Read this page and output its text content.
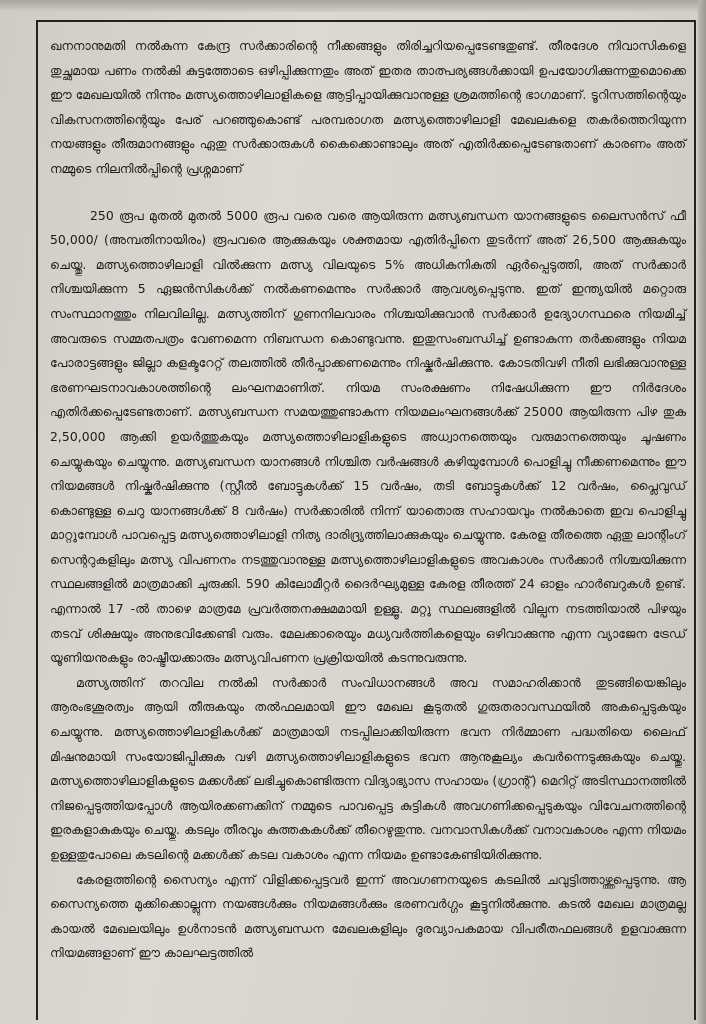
ഖനനാനുമതി നൽകുന്ന കേന്ദ്ര സർക്കാരിന്റെ നീക്കങ്ങളും തിരിച്ചറിയപ്പെടേണ്ടതുണ്ട്. തീരദേശ നിവാസികളെ തുച്ഛമായ പണം നൽകി കുട്ടത്തോടെ ഒഴിപ്പിക്കുന്നതും അത് ഇതര താത്പര്യങ്ങൾക്കായി ഉപയോഗിക്കുന്നതുമൊക്കെ ഈ മേഖലയിൽ നിന്നും മത്സ്യത്തൊഴിലാളികളെ ആട്ടിപ്പായിക്കുവാനുള്ള ശ്രമത്തിന്റെ ഭാഗമാണ്. ടൂറിസത്തിന്റെയും വികസനത്തിന്റെയും പേര് പറഞ്ഞുകൊണ്ട് പരമ്പരാഗത മത്സ്യത്തൊഴിലാളി മേഖലകളെ തകർത്തെറിയുന്ന നയങ്ങളും തീരുമാനങ്ങളും ഏതു സർക്കാരുകൾ കൈക്കൊണ്ടാലും അത് എതിർക്കപ്പെടേണ്ടതാണ് കാരണം അത് നമ്മുടെ നിലനിൽപ്പിന്റെ പ്രശ്നമാണ്

250 രൂപ മുതൽ മുതൽ 5000 രൂപ വരെ വരെ ആയിരുന്ന മത്സ്യബന്ധന യാനങ്ങളുടെ ലൈസൻസ് ഫീ 50,000/ (അമ്പതിനായിരം) രൂപവരെ ആക്കുകയും ശക്തമായ എതിർപ്പിനെ തുടർന്ന് അത് 26,500 ആക്കുകയും ചെയ്തു. മത്സ്യത്തൊഴിലാളി വിൽക്കുന്ന മത്സ്യ വിലയുടെ 5% അധികനികുതി ഏർപ്പെടുത്തി, അത് സർക്കാർ നിശ്ചയിക്കുന്ന 5 ഏജൻസികൾക്ക് നൽകണമെന്നും സർക്കാർ ആവശ്യപ്പെടുന്നു. ഇത് ഇന്ത്യയിൽ മറ്റൊരു സംസ്ഥാനത്തും നിലവിലില്ല. മത്സ്യത്തിന് ഗുണനിലവാരം നിശ്ചയിക്കുവാൻ സർക്കാർ ഉദ്യോഗസ്ഥരെ നിയമിച്ച് അവരുടെ സമ്മതപത്രം വേണമെന്ന നിബന്ധന കൊണ്ടുവന്നു. ഇതുസംബന്ധിച്ച് ഉണ്ടാകുന്ന തർക്കങ്ങളും നിയമ പോരാട്ടങ്ങളും ജില്ലാ കളക്ടറേറ്റ് തലത്തിൽ തീർപ്പാക്കണമെന്നും നിഷ്കർഷിക്കുന്നു. കോടതിവഴി നീതി ലഭിക്കുവാനുള്ള ഭരണഘടനാവകാശത്തിന്റെ ലംഘനമാണിത്. നിയമ സംരക്ഷണം നിഷേധിക്കുന്ന ഈ നിർദേശം എതിർക്കപ്പെടേണ്ടതാണ്. മത്സ്യബന്ധന സമയത്തുണ്ടാകുന്ന നിയമലംഘനങ്ങൾക്ക് 25000 ആയിരുന്ന പിഴ തുക 2,50,000 ആക്കി ഉയർത്തുകയും മത്സ്യത്തൊഴിലാളികളുടെ അധ്വാനത്തെയും വരുമാനത്തെയും ചൂഷണം ചെയ്യുകയും ചെയ്യുന്നു. മത്സ്യബന്ധന യാനങ്ങൾ നിശ്ചിത വർഷങ്ങൾ കഴിയുമ്പോൾ പൊളിച്ചു നീക്കണമെന്നും ഈ നിയമങ്ങൾ നിഷ്കർഷിക്കുന്നു (സ്റ്റീൽ ബോട്ടുകൾക്ക് 15 വർഷം, തടി ബോട്ടുകൾക്ക് 12 വർഷം, പ്ലൈവുഡ് കൊണ്ടുള്ള ചെറു യാനങ്ങൾക്ക് 8 വർഷം) സർക്കാരിൽ നിന്ന് യാതൊരു സഹായവും നൽകാതെ ഇവ പൊളിച്ചു മാറ്റുമ്പോൾ പാവപ്പെട്ട മത്സ്യത്തൊഴിലാളി നിത്യ ദാരിദ്ര്യത്തിലാക്കുകയും ചെയ്യുന്നു. കേരള തീരത്തെ ഏതു ലാന്റിംഗ് സെന്ററുകളിലും മത്സ്യ വിപണനം നടത്തുവാനുള്ള മത്സ്യത്തൊഴിലാളികളുടെ അവകാശം സർക്കാർ നിശ്ചയിക്കുന്ന സ്ഥലങ്ങളിൽ മാത്രമാക്കി ചുരുക്കി. 590 കിലോമീറ്റർ ദൈർഘ്യമുള്ള കേരള തീരത്ത് 24 ഓളം ഹാർബറുകൾ ഉണ്ട്. എന്നാൽ 17 -ൽ താഴെ മാത്രമേ പ്രവർത്തനക്ഷമമായി ഉള്ളൂ. മറ്റു സ്ഥലങ്ങളിൽ വില്പന നടത്തിയാൽ പിഴയും തടവ് ശിക്ഷയും അനുഭവിക്കേണ്ടി വരും. മേലക്കാരെയും മധ്യവർത്തികളെയും ഒഴിവാക്കുന്നു എന്ന വ്യാജേന ട്രേഡ് യൂണിയനുകളും രാഷ്ട്രീയക്കാരും മത്സ്യവിപണന പ്രക്രിയയിൽ കടന്നുവരുന്നു.

മത്സ്യത്തിന് തറവില നൽകി സർക്കാർ സംവിധാനങ്ങൾ അവ സമാഹരിക്കാൻ തുടങ്ങിയെങ്കിലും ആരംഭശൂരത്വം ആയി തീരുകയും തൽഫലമായി ഈ മേഖല കൂടുതൽ ഗുരുതരാവസ്ഥയിൽ അകപ്പെടുകയും ചെയ്യുന്നു. മത്സ്യത്തൊഴിലാളികൾക്ക് മാത്രമായി നടപ്പിലാക്കിയിരുന്ന ഭവന നിർമ്മാണ പദ്ധതിയെ ലൈഫ് മിഷനുമായി സംയോജിപ്പിക്കുക വഴി മത്സ്യത്തൊഴിലാളികളുടെ ഭവന ആനുകൂല്യം കവർന്നെടുക്കുകയും ചെയ്തു. മത്സ്യത്തൊഴിലാളികളുടെ മക്കൾക്ക് ലഭിച്ചുകൊണ്ടിരുന്ന വിദ്യാഭ്യാസ സഹായം (ഗ്രാന്റ്) മെറിറ്റ് അടിസ്ഥാനത്തിൽ നിജപ്പെടുത്തിയപ്പോൾ ആയിരക്കണക്കിന് നമ്മുടെ പാവപ്പെട്ട കുട്ടികൾ അവഗണിക്കപ്പെടുകയും വിവേചനത്തിന്റെ ഇരകളാകുകയും ചെയ്തു. കടലും തീരവും കുത്തകകൾക്ക് തീറെഴുതുന്നു. വനവാസികൾക്ക് വനാവകാശം എന്ന നിയമം ഉള്ളതുപോലെ കടലിന്റെ മക്കൾക്ക് കടല വകാശം എന്ന നിയമം ഉണ്ടാകേണ്ടിയിരിക്കുന്നു.

കേരളത്തിന്റെ സൈന്യം എന്ന് വിളിക്കപ്പെട്ടവർ ഇന്ന് അവഗണനയുടെ കടലിൽ ചവുട്ടിത്താഴ്ത്തപ്പെടുന്നു. ആ സൈന്യത്തെ മുക്കിക്കൊല്ലുന്ന നയങ്ങൾക്കും നിയമങ്ങൾക്കും ഭരണവർഗ്ഗം കൂട്ടുനിൽക്കുന്നു. കടൽ മേഖല മാത്രമല്ല കായൽ മേഖലയിലും ഉൾനാടൻ മത്സ്യബന്ധന മേഖലകളിലും ദൂരവ്യാപകമായ വിപരീതഫലങ്ങൾ ഉളവാക്കുന്ന നിയമങ്ങളാണ് ഈ കാലഘട്ടത്തിൽ
